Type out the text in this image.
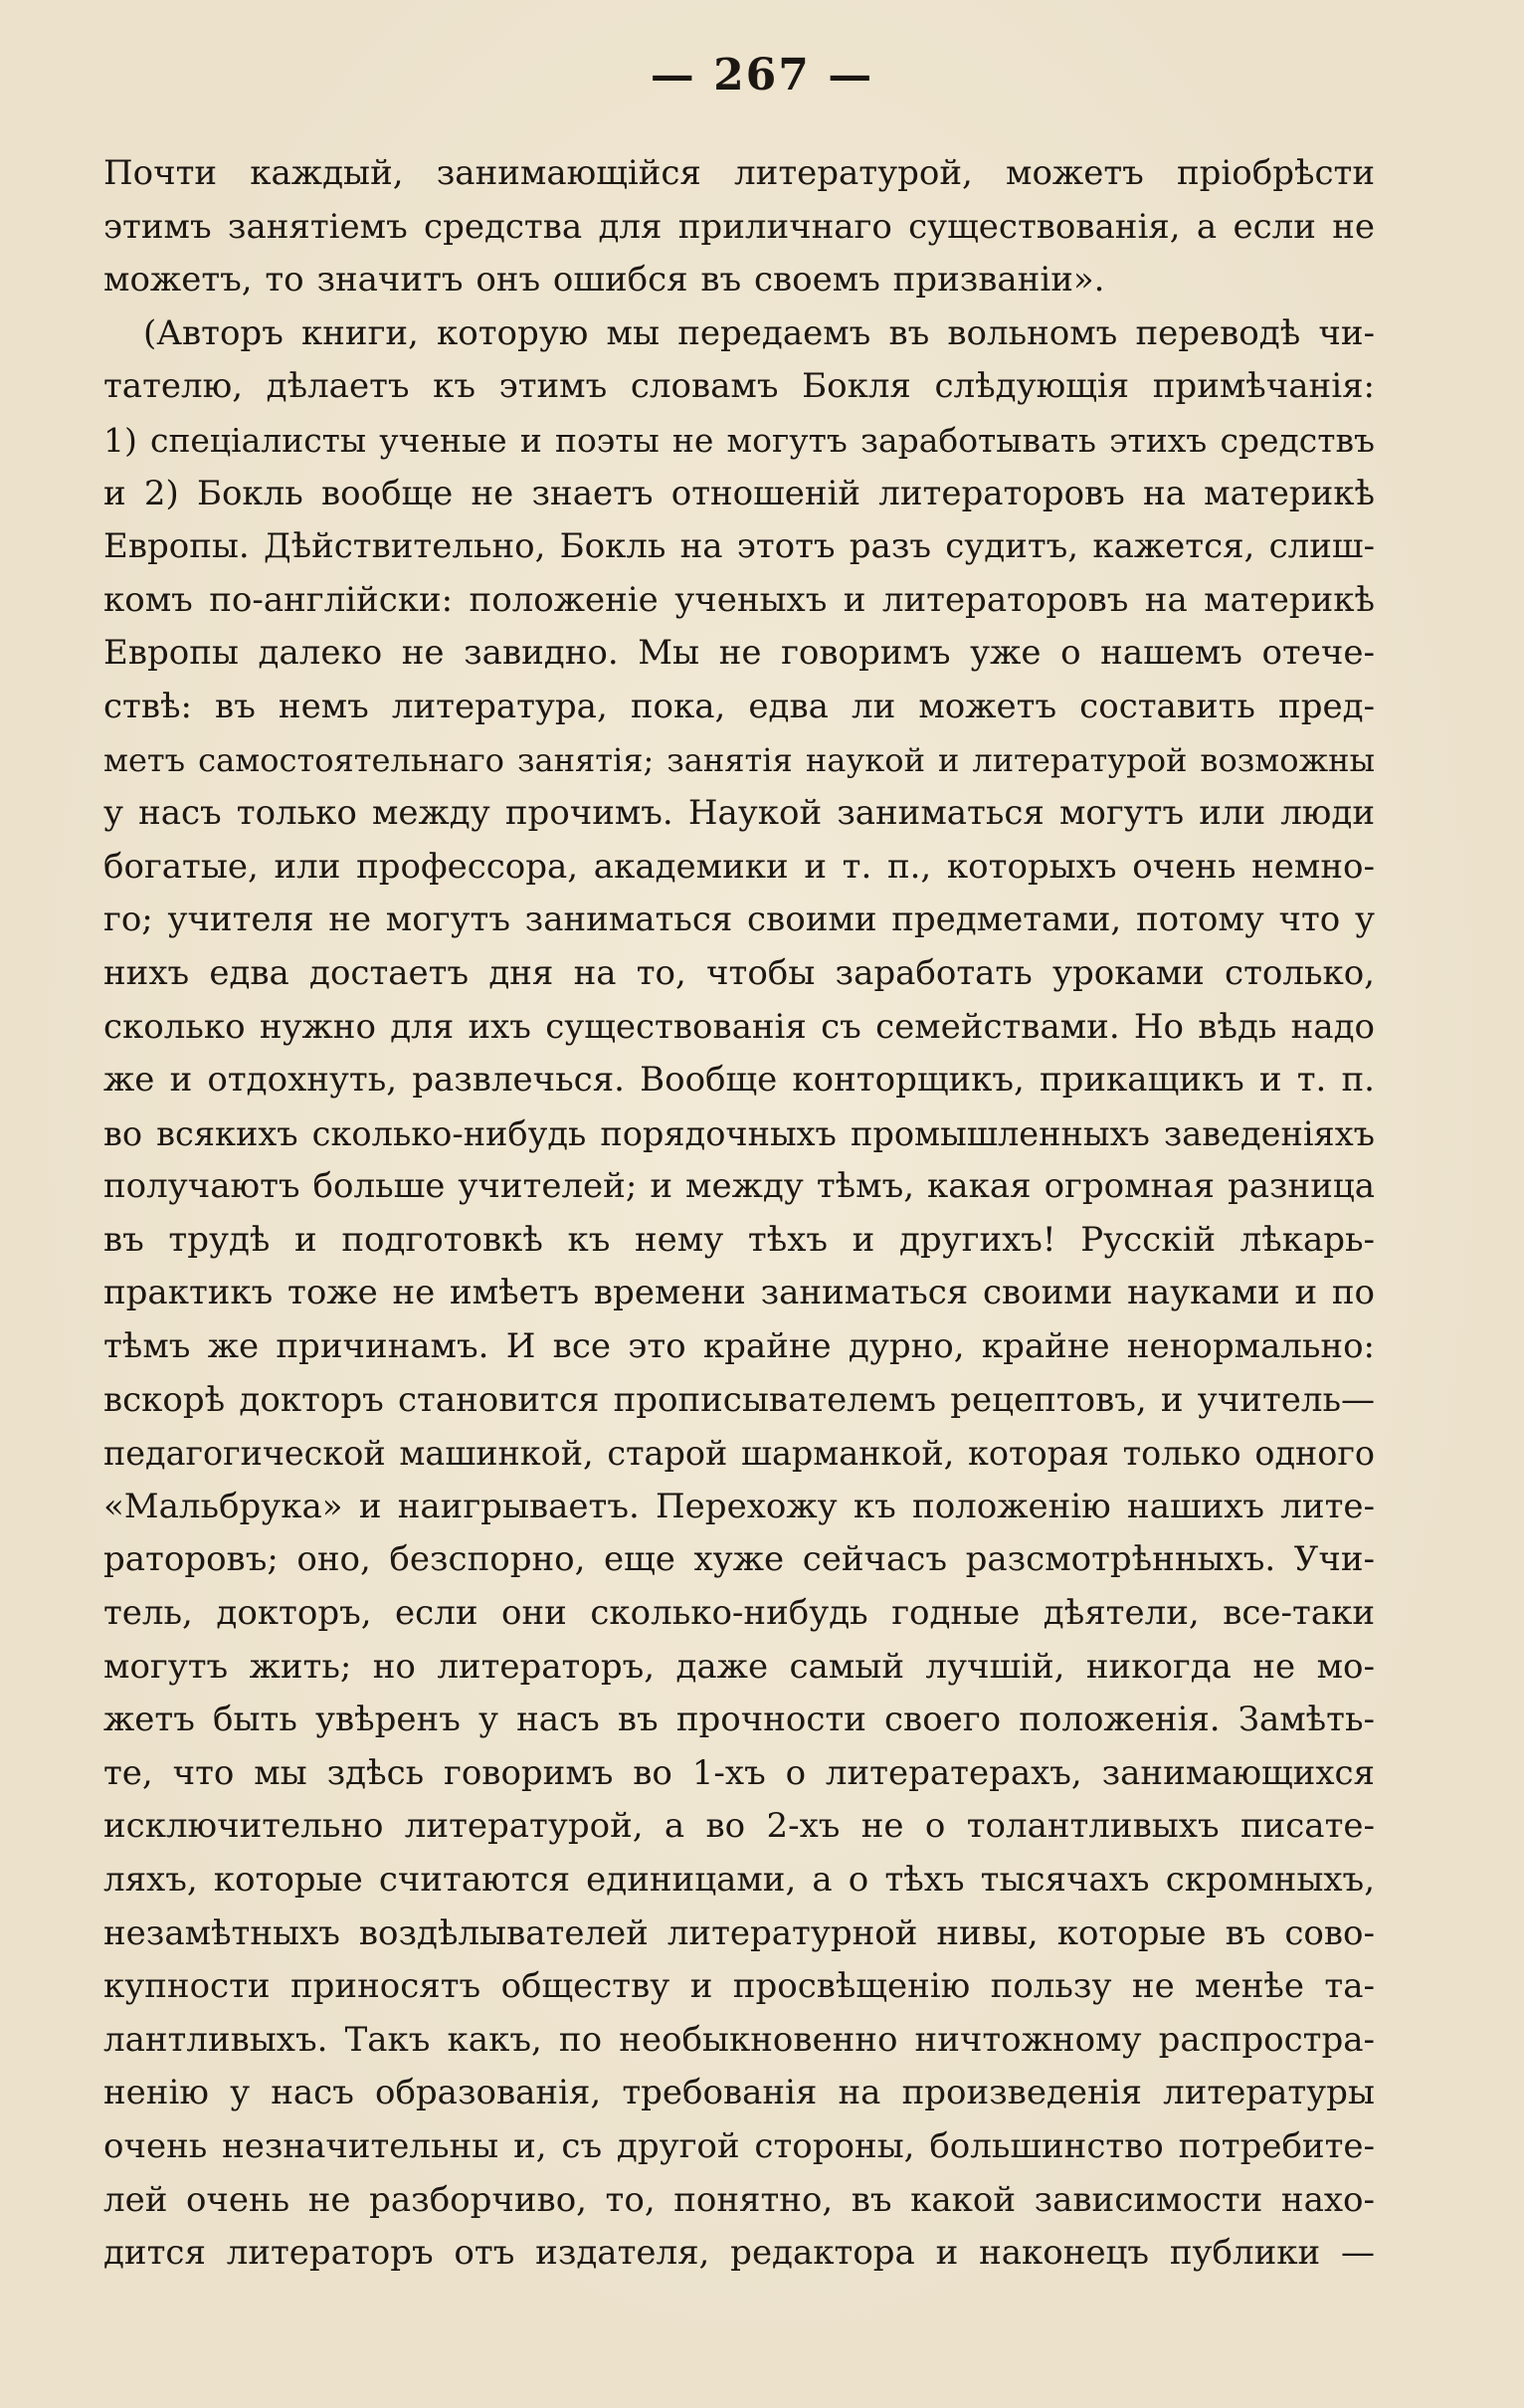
— 267 —
Почти каждый, занимающійся литературой, можетъ пріобрѣсти
этимъ занятіемъ средства для приличнаго существованія, а если не
можетъ, то значитъ онъ ошибся въ своемъ призваніи».
(Авторъ книги, которую мы передаемъ въ вольномъ переводѣ чи-
тателю, дѣлаетъ къ этимъ словамъ Бокля слѣдующія примѣчанія:
1) спеціалисты ученые и поэты не могутъ заработывать этихъ средствъ
и 2) Бокль вообще не знаетъ отношеній литераторовъ на материкѣ
Европы. Дѣйствительно, Бокль на этотъ разъ судитъ, кажется, слиш-
комъ по-англійски: положеніе ученыхъ и литераторовъ на материкѣ
Европы далеко не завидно. Мы не говоримъ уже о нашемъ отече-
ствѣ: въ немъ литература, пока, едва ли можетъ составить пред-
метъ самостоятельнаго занятія; занятія наукой и литературой возможны
у насъ только между прочимъ. Наукой заниматься могутъ или люди
богатые, или профессора, академики и т. п., которыхъ очень немно-
го; учителя не могутъ заниматься своими предметами, потому что у
нихъ едва достаетъ дня на то, чтобы заработать уроками столько,
сколько нужно для ихъ существованія съ семействами. Но вѣдь надо
же и отдохнуть, развлечься. Вообще конторщикъ, прикащикъ и т. п.
во всякихъ сколько-нибудь порядочныхъ промышленныхъ заведеніяхъ
получаютъ больше учителей; и между тѣмъ, какая огромная разница
въ трудѣ и подготовкѣ къ нему тѣхъ и другихъ! Русскій лѣкарь-
практикъ тоже не имѣетъ времени заниматься своими науками и по
тѣмъ же причинамъ. И все это крайне дурно, крайне ненормально:
вскорѣ докторъ становится прописывателемъ рецептовъ, и учитель—
педагогической машинкой, старой шарманкой, которая только одного
«Мальбрука» и наигрываетъ. Перехожу къ положенію нашихъ лите-
раторовъ; оно, безспорно, еще хуже сейчасъ разсмотрѣнныхъ. Учи-
тель, докторъ, если они сколько-нибудь годные дѣятели, все-таки
могутъ жить; но литераторъ, даже самый лучшій, никогда не мо-
жетъ быть увѣренъ у насъ въ прочности своего положенія. Замѣть-
те, что мы здѣсь говоримъ во 1-хъ о литератерахъ, занимающихся
исключительно литературой, а во 2-хъ не о толантливыхъ писате-
ляхъ, которые считаются единицами, а о тѣхъ тысячахъ скромныхъ,
незамѣтныхъ воздѣлывателей литературной нивы, которые въ сово-
купности приносятъ обществу и просвѣщенію пользу не менѣе та-
лантливыхъ. Такъ какъ, по необыкновенно ничтожному распростра-
ненію у насъ образованія, требованія на произведенія литературы
очень незначительны и, съ другой стороны, большинство потребите-
лей очень не разборчиво, то, понятно, въ какой зависимости нахо-
дится литераторъ отъ издателя, редактора и наконецъ публики —
